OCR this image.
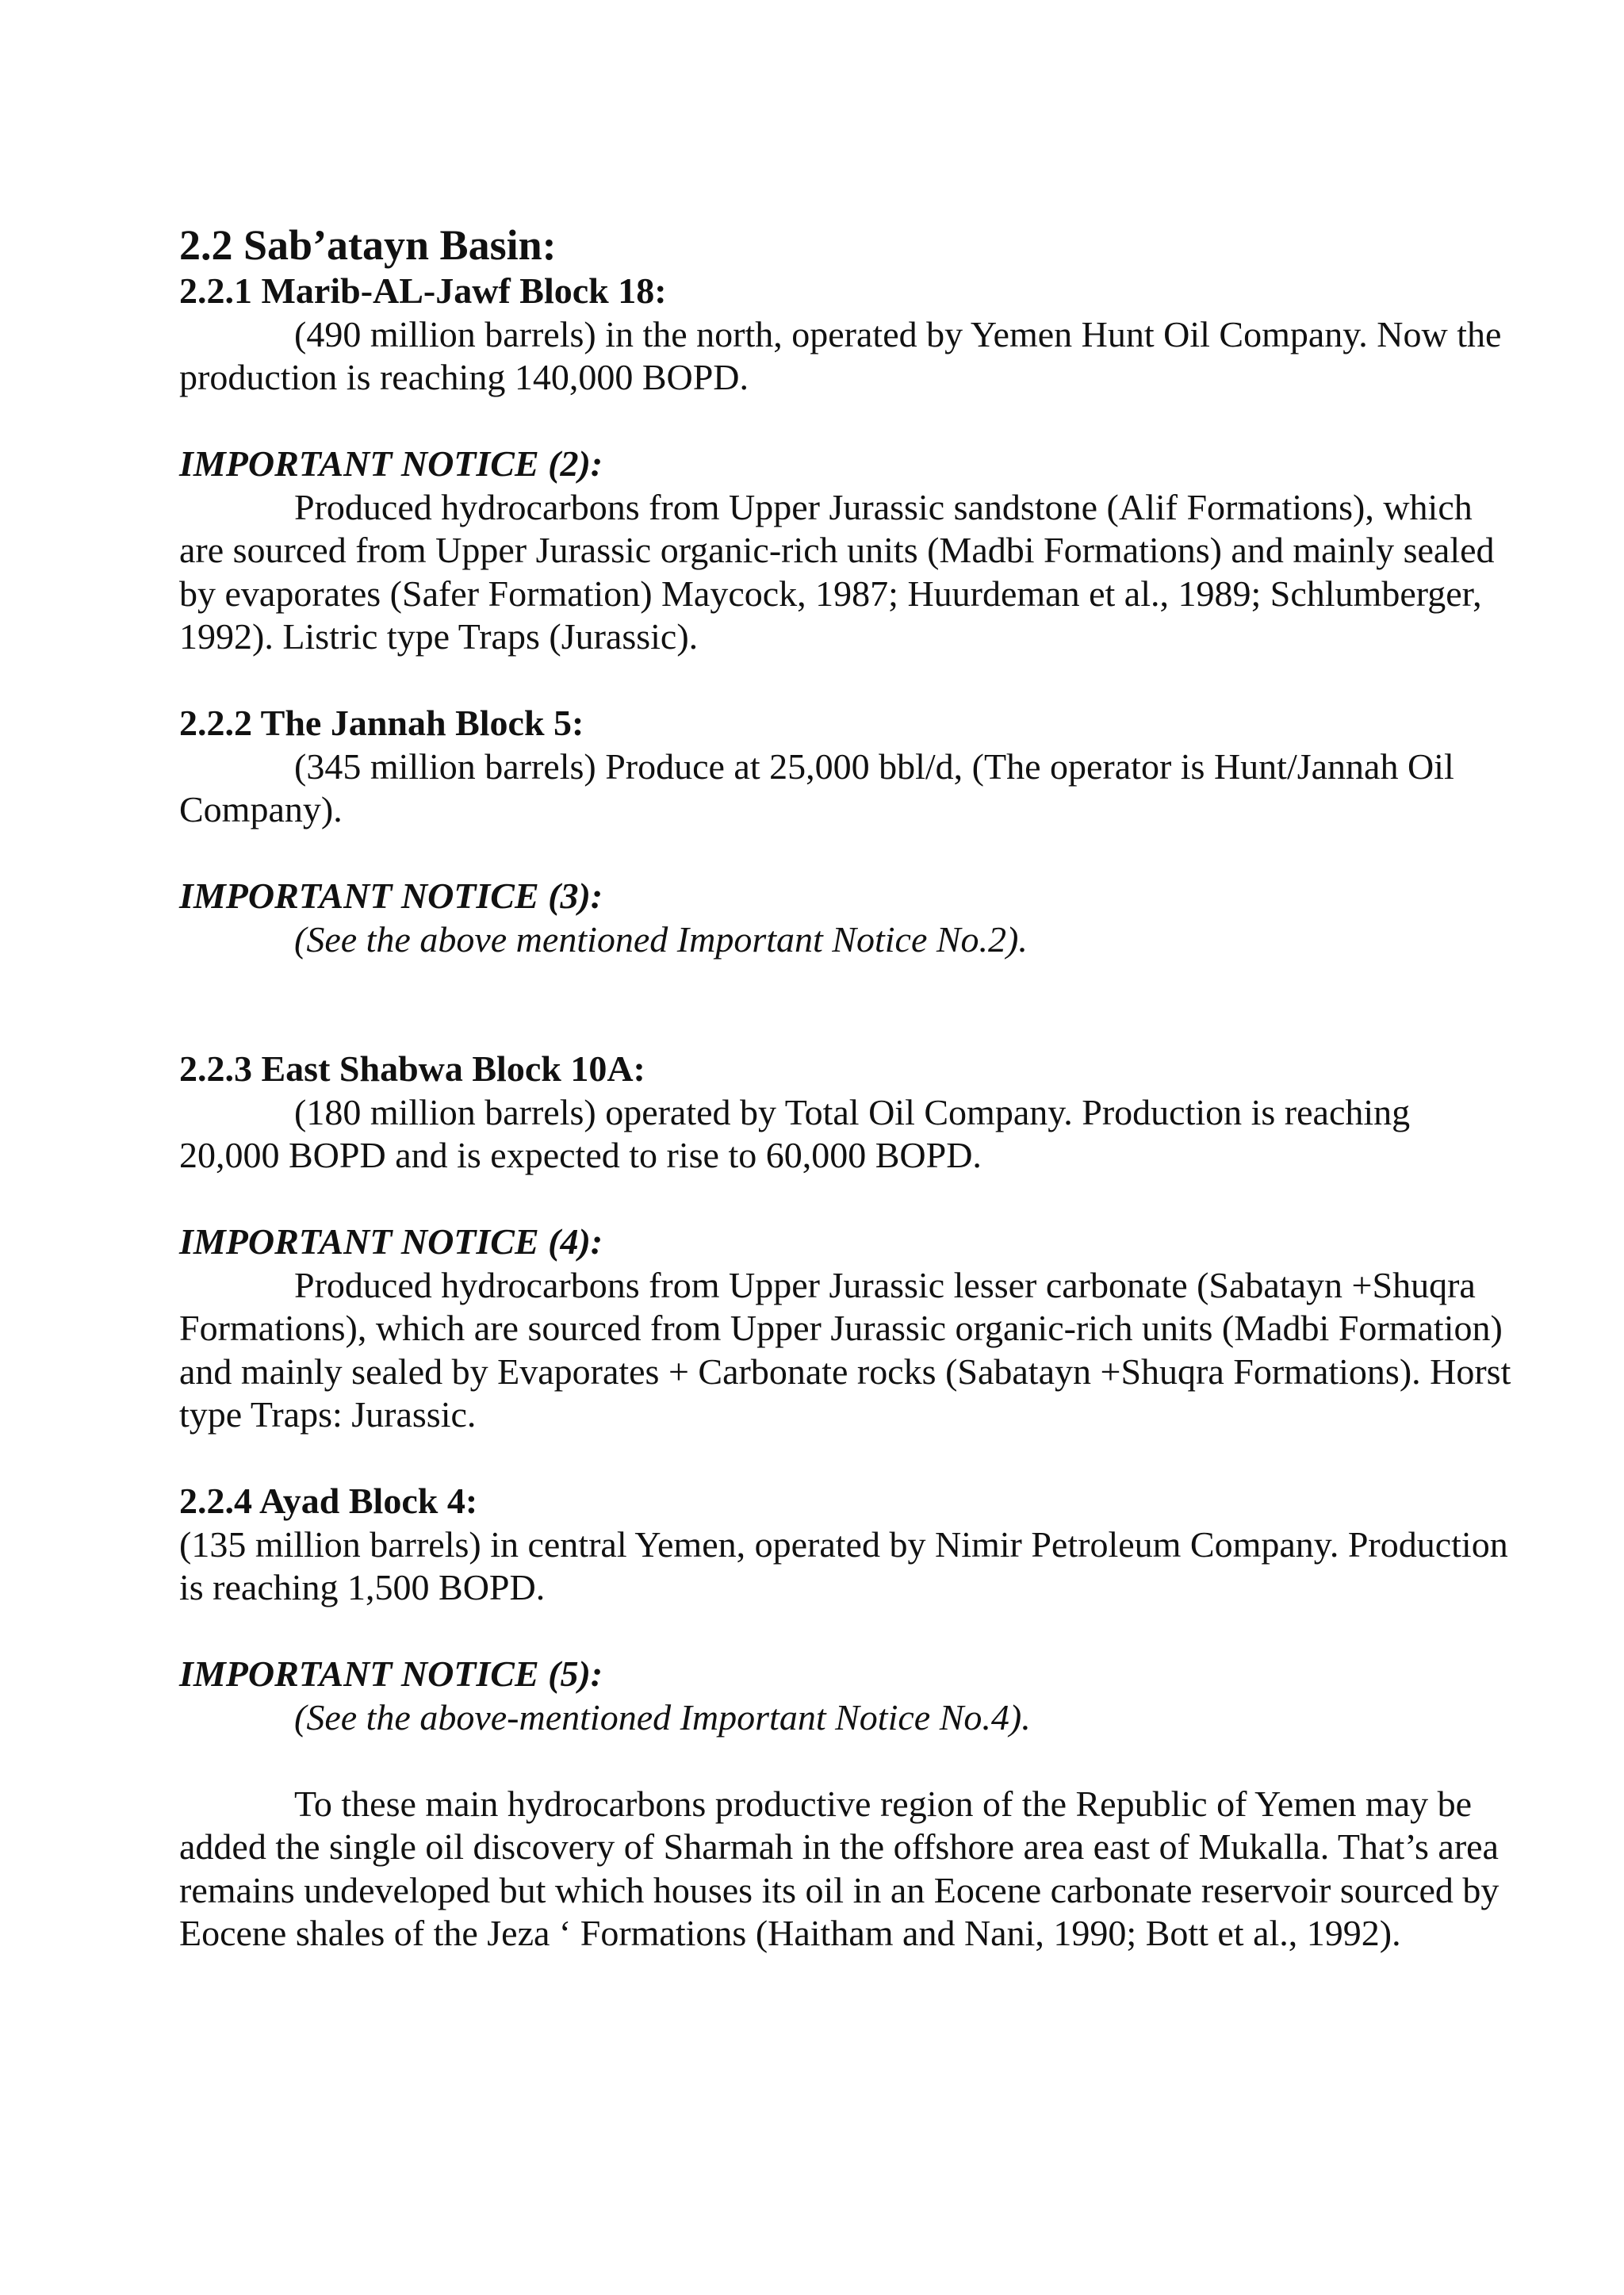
2.2 Sab’atayn Basin:
2.2.1 Marib-AL-Jawf Block 18:

(490 million barrels) in the north, operated by Yemen Hunt Oil Company. Now the production is reaching 140,000 BOPD.

IMPORTANT NOTICE (2):

Produced hydrocarbons from Upper Jurassic sandstone (Alif Formations), which are sourced from Upper Jurassic organic-rich units (Madbi Formations) and mainly sealed by evaporates (Safer Formation) Maycock, 1987; Huurdeman et al., 1989; Schlumberger, 1992). Listric type Traps (Jurassic).

2.2.2 The Jannah Block 5:

(345 million barrels) Produce at 25,000 bbl/d, (The operator is Hunt/Jannah Oil Company).

IMPORTANT NOTICE (3):

(See the above mentioned Important Notice No.2).

2.2.3 East Shabwa Block 10A:

(180 million barrels) operated by Total Oil Company. Production is reaching 20,000 BOPD and is expected to rise to 60,000 BOPD.

IMPORTANT NOTICE (4):

Produced hydrocarbons from Upper Jurassic lesser carbonate (Sabatayn +Shuqra Formations), which are sourced from Upper Jurassic organic-rich units (Madbi Formation) and mainly sealed by Evaporates + Carbonate rocks (Sabatayn +Shuqra Formations). Horst type Traps: Jurassic.

2.2.4 Ayad Block 4:

(135 million barrels) in central Yemen, operated by Nimir Petroleum Company. Production is reaching 1,500 BOPD.

IMPORTANT NOTICE (5):

(See the above-mentioned Important Notice No.4).

To these main hydrocarbons productive region of the Republic of Yemen may be added the single oil discovery of Sharmah in the offshore area east of Mukalla. That’s area remains undeveloped but which houses its oil in an Eocene carbonate reservoir sourced by Eocene shales of the Jeza ‘ Formations (Haitham and Nani, 1990; Bott et al., 1992).
